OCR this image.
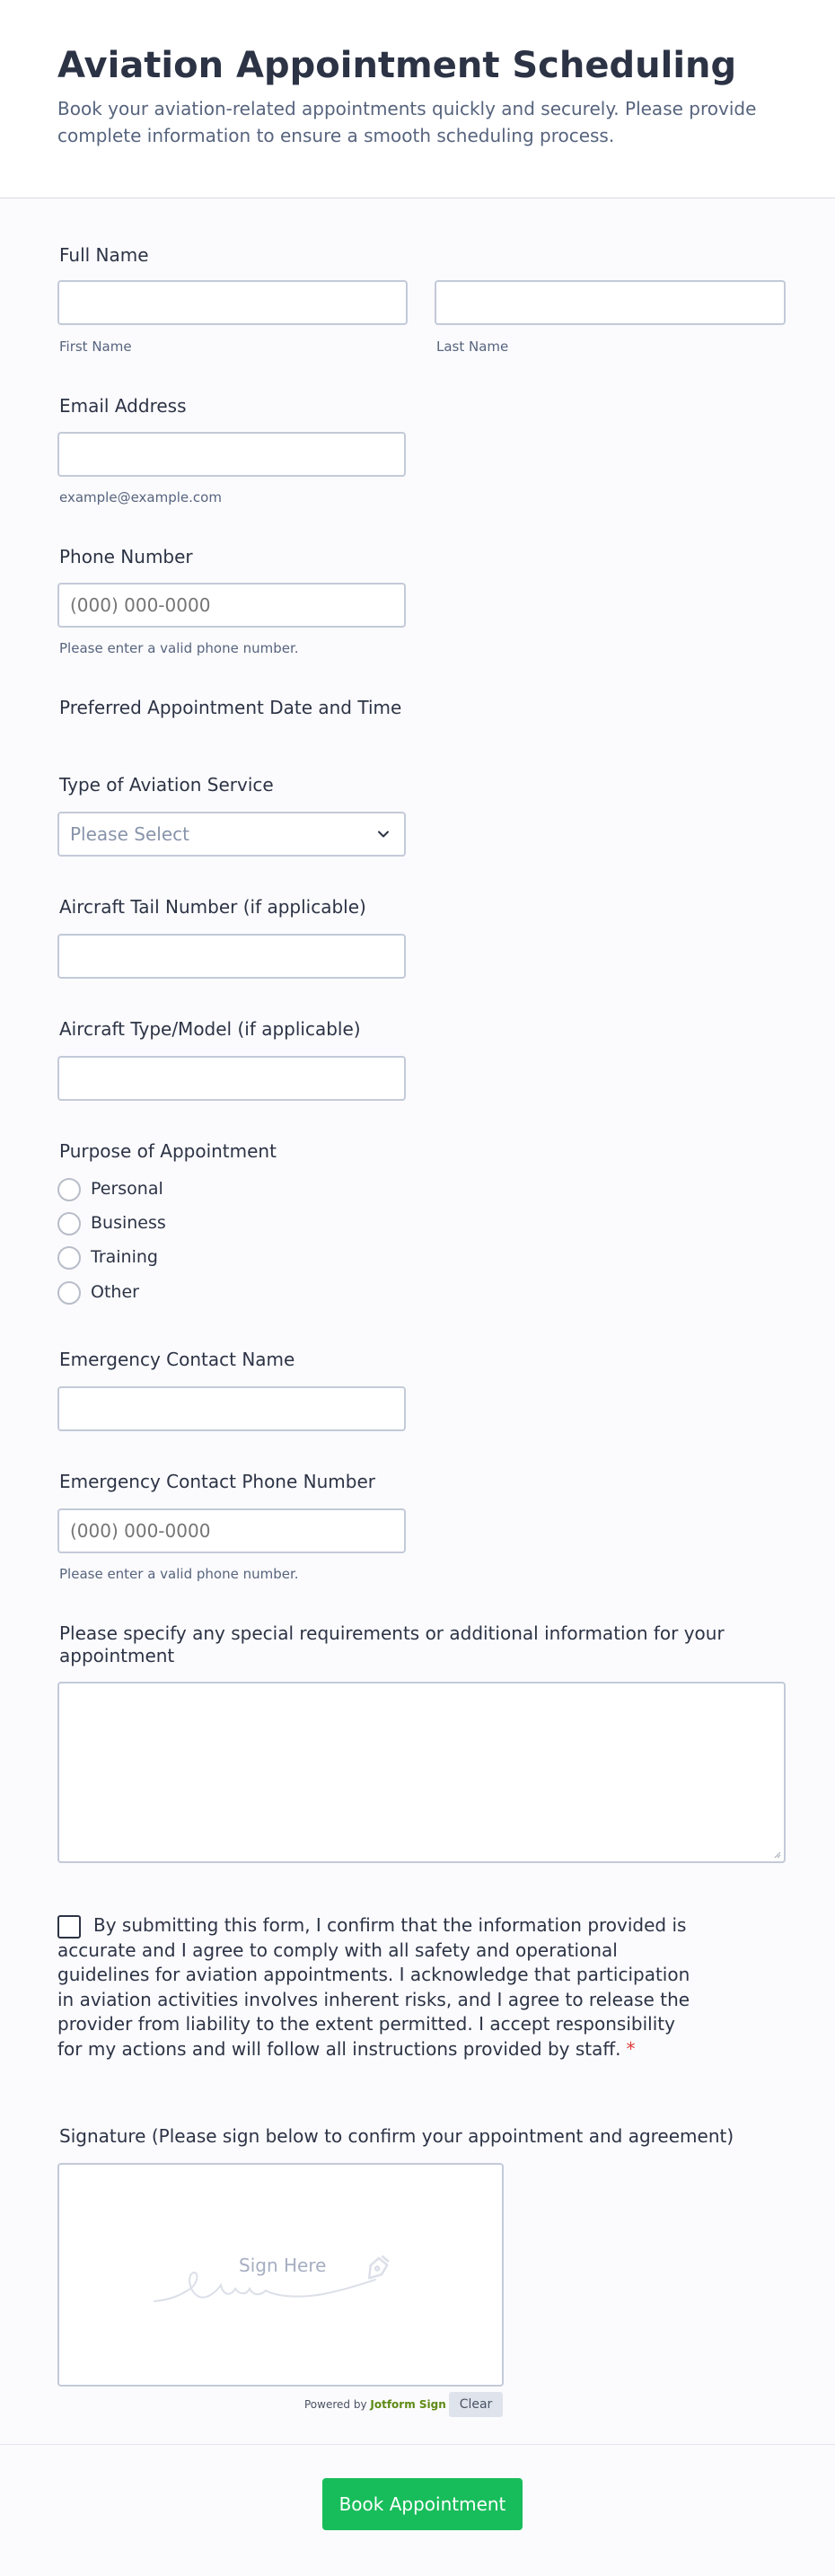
Aviation Appointment Scheduling

Book your aviation-related appointments quickly and securely. Please provide complete information to ensure a smooth scheduling process.

Full Name
First Name	Last Name
Email Address
example@example.com
Phone Number
(000) 000-0000
Please enter a valid phone number.
Preferred Appointment Date and Time
Type of Aviation Service
Please Select
Aircraft Tail Number (if applicable)
Aircraft Type/Model (if applicable)
Purpose of Appointment
Personal
Business
Training
Other
Emergency Contact Name
Emergency Contact Phone Number
(000) 000-0000
Please enter a valid phone number.
Please specify any special requirements or additional information for your appointment

By submitting this form, I confirm that the information provided is accurate and I agree to comply with all safety and operational guidelines for aviation appointments. I acknowledge that participation in aviation activities involves inherent risks, and I agree to release the provider from liability to the extent permitted. I accept responsibility for my actions and will follow all instructions provided by staff. *

Signature (Please sign below to confirm your appointment and agreement)
Sign Here
Powered by Jotform Sign	Clear
Book Appointment
